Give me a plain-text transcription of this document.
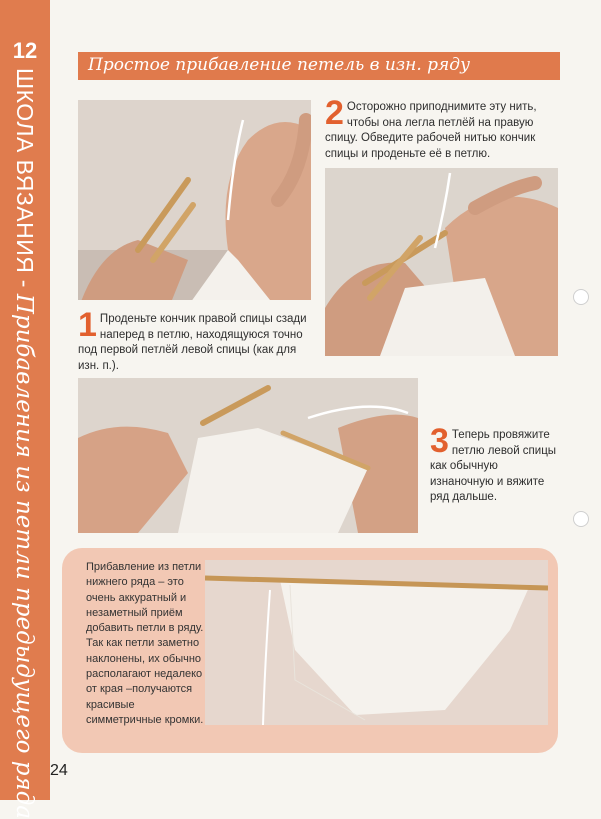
12
ШКОЛА ВЯЗАНИЯ - Прибавления из петли предыдущего ряда
Простое прибавление петель в изн. ряду
1 Проденьте кончик правой спицы сзади наперед в петлю, находящуюся точно под первой петлёй левой спицы (как для изн. п.).
2 Осторожно приподнимите эту нить, чтобы она легла петлёй на правую спицу. Обведите рабочей нитью кончик спицы и проденьте её в петлю.
3 Теперь провяжите петлю левой спицы как обычную изнаночную и вяжите ряд дальше.
Прибавление из петли нижнего ряда – это очень аккуратный и незаметный приём добавить петли в ряду. Так как петли заметно наклонены, их обычно располагают недалеко от края –получаются красивые симметричные кромки.
24
